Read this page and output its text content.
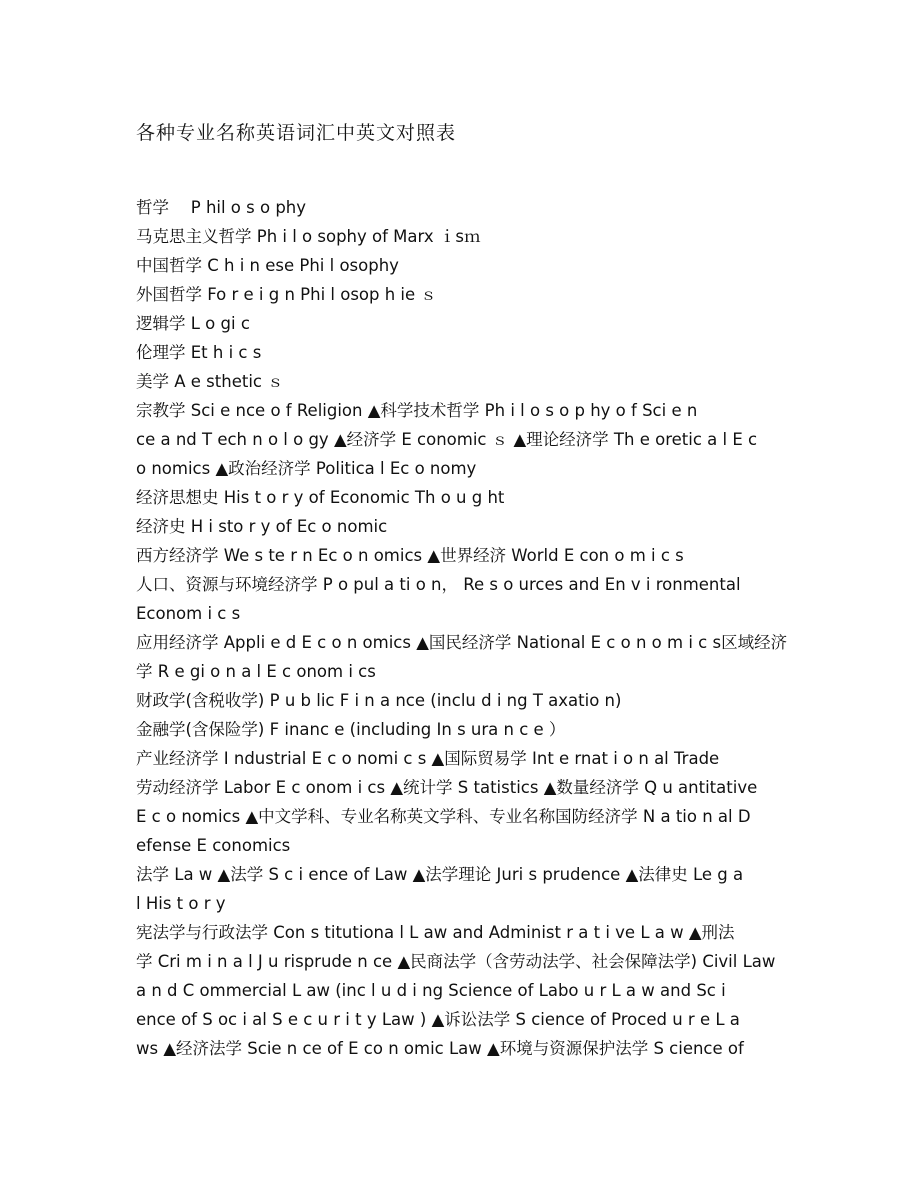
各种专业名称英语词汇中英文对照表
哲学　 P hil o s o phy
马克思主义哲学 Ph i l o sophy of Marx ｉsｍ
中国哲学 C h i n ese Phi l osophy
外国哲学 Fo r e i g n Phi l osop h ie ｓ
逻辑学 L o gi c
伦理学 Et h i c s
美学 A e sthetic ｓ
宗教学 Sci e nce o f Religion ▲科学技术哲学 Ph i l o s o p hy o f Sci e n
ce a nd T ech n o l o gy ▲经济学 E conomic ｓ ▲理论经济学 Th e oretic a l E c
o nomics ▲政治经济学 Politica l Ec o nomy
经济思想史 His t o r y of Economic Th o u g ht
经济史 H i sto r y of Ec o nomic
西方经济学 We s te r n Ec o n omics ▲世界经济 World E con o m i c s
人口、资源与环境经济学 P o pul a ti o n， Re s o urces and En v i ronmental
Econom i c s
应用经济学 Appli e d E c o n omics ▲国民经济学 National E c o n o m i c s区域经济
学 R e gi o n a l E c onom i cs
财政学(含税收学) P u b lic F i n a nce (inclu d i ng T axatio n)
金融学(含保险学) F inanc e (including In s ura n c e ）
产业经济学 I ndustrial E c o nomi c s ▲国际贸易学 Int e rnat i o n al Trade
劳动经济学 Labor E c onom i cs ▲统计学 S tatistics ▲数量经济学 Q u antitative
E c o nomics ▲中文学科、专业名称英文学科、专业名称国防经济学 N a tio n al D
efense E conomics
法学 La w ▲法学 S c i ence of Law ▲法学理论 Juri s prudence ▲法律史 Le g a
l His t o r y
宪法学与行政法学 Con s titutiona l L aw and Administ r a t i ve L a w ▲刑法
学 Cri m i n a l J u risprude n ce ▲民商法学（含劳动法学、社会保障法学) Civil Law
a n d C ommercial L aw (inc l u d i ng Science of Labo u r L a w and Sc i
ence of S oc i al S e c u r i t y Law ) ▲诉讼法学 S cience of Proced u r e L a
ws ▲经济法学 Scie n ce of E co n omic Law ▲环境与资源保护法学 S cience of
